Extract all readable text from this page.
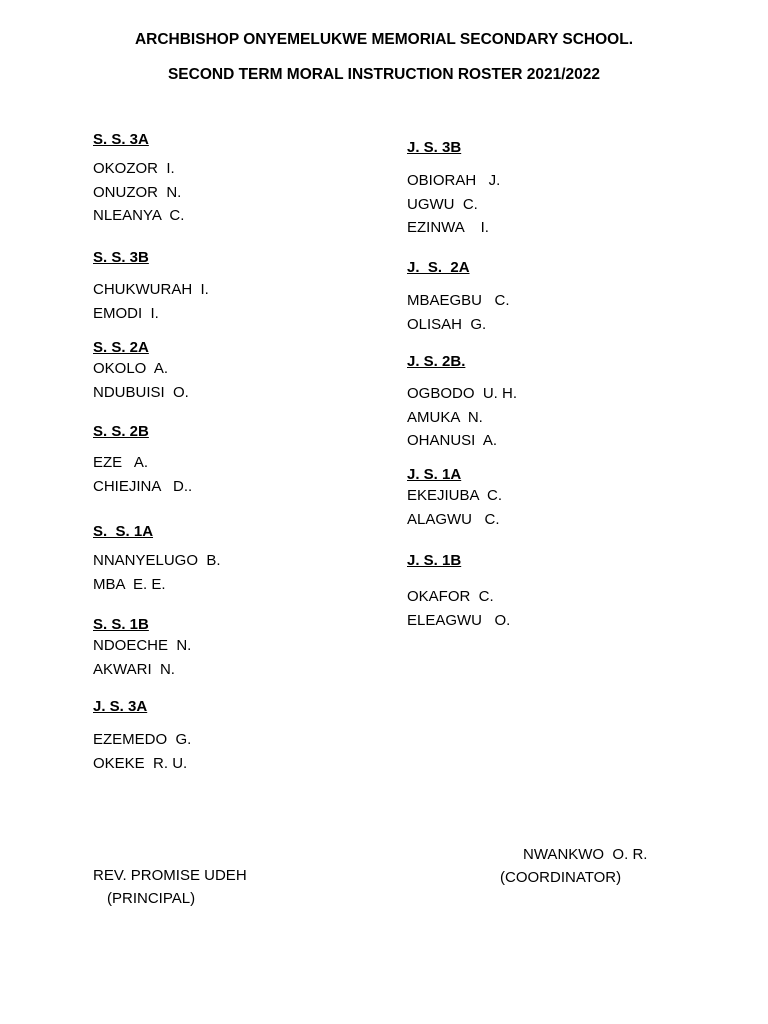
ARCHBISHOP ONYEMELUKWE MEMORIAL SECONDARY SCHOOL.
SECOND TERM MORAL INSTRUCTION ROSTER 2021/2022
S. S. 3A
OKOZOR  I.
ONUZOR  N.
NLEANYA  C.
S. S. 3B
CHUKWURAH  I.
EMODI  I.
S. S. 2A
OKOLO  A.
NDUBUISI  O.
S. S. 2B
EZE   A.
CHIEJINA   D..
S.  S. 1A
NNANYELUGO  B.
MBA  E. E.
S. S. 1B
NDOECHE  N.
AKWARI  N.
J. S. 3A
EZEMEDO  G.
OKEKE  R. U.
J. S. 3B
OBIORAH   J.
UGWU  C.
EZINWA    I.
J.  S.  2A
MBAEGBU   C.
OLISAH  G.
J. S. 2B.
OGBODO  U. H.
AMUKA  N.
OHANUSI  A.
J. S. 1A
EKEJIUBA  C.
ALAGWU   C.
J. S. 1B
OKAFOR  C.
ELEAGWU   O.
NWANKWO  O. R.
(COORDINATOR)
REV. PROMISE UDEH
(PRINCIPAL)
